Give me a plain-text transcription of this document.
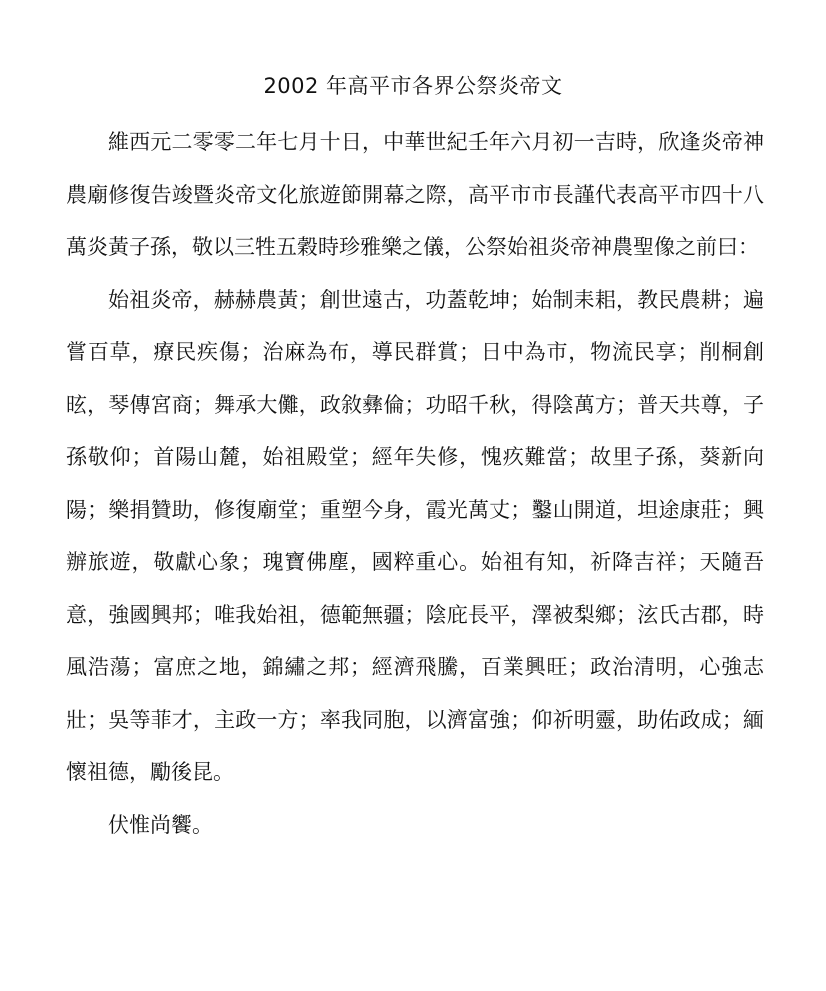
2002 年高平市各界公祭炎帝文

維西元二零零二年七月十日，中華世紀壬年六月初一吉時，欣逢炎帝神農廟修復告竣暨炎帝文化旅遊節開幕之際，高平市市長謹代表高平市四十八萬炎黃子孫，敬以三牲五穀時珍雅樂之儀，公祭始祖炎帝神農聖像之前曰：

始祖炎帝，赫赫農黃；創世遠古，功蓋乾坤；始制耒耜，教民農耕；遍嘗百草，療民疾傷；治麻為布，導民群賞；日中為市，物流民享；削桐創昡，琴傳宮商；舞承大儺，政敘彝倫；功昭千秋，得陰萬方；普天共尊，子孫敬仰；首陽山麓，始祖殿堂；經年失修，愧疚難當；故里子孫，葵新向陽；樂捐贊助，修復廟堂；重塑今身，霞光萬丈；鑿山開道，坦途康莊；興辦旅遊，敬獻心象；瑰寶佛塵，國粹重心。始祖有知，祈降吉祥；天隨吾意，強國興邦；唯我始祖，德範無疆；陰庇長平，澤被梨鄉；泫氏古郡，時風浩蕩；富庶之地，錦繡之邦；經濟飛騰，百業興旺；政治清明，心強志壯；吳等菲才，主政一方；率我同胞，以濟富強；仰祈明靈，助佑政成；緬懷祖德，勵後昆。

伏惟尚饗。
